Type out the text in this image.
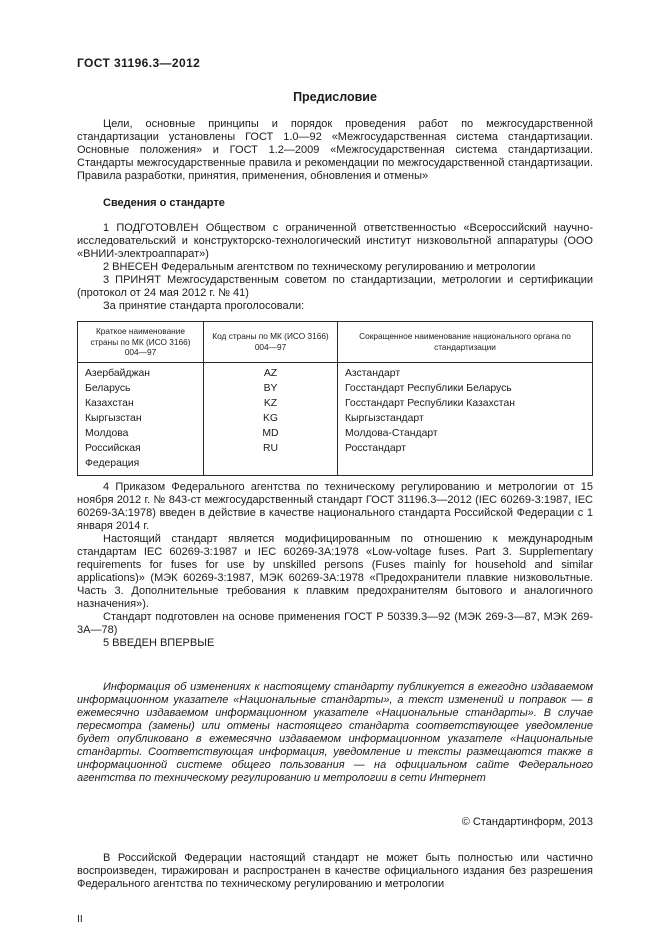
ГОСТ 31196.3—2012

Предисловие

Цели, основные принципы и порядок проведения работ по межгосударственной стандартизации установлены ГОСТ 1.0—92 «Межгосударственная система стандартизации. Основные положения» и ГОСТ 1.2—2009 «Межгосударственная система стандартизации. Стандарты межгосударственные правила и рекомендации по межгосударственной стандартизации. Правила разработки, принятия, применения, обновления и отмены»

Сведения о стандарте

1 ПОДГОТОВЛЕН Обществом с ограниченной ответственностью «Всероссийский научно-исследовательский и конструкторско-технологический институт низковольтной аппаратуры (ООО «ВНИИ-электроаппарат»)

2 ВНЕСЕН Федеральным агентством по техническому регулированию и метрологии

3 ПРИНЯТ Межгосударственным советом по стандартизации, метрологии и сертификации (протокол от 24 мая 2012 г. № 41)

За принятие стандарта проголосовали:

Краткое наименование страны по МК (ИСО 3166) 004—97	Код страны по МК (ИСО 3166) 004—97	Сокращенное наименование национального органа по стандартизации
Азербайджан	AZ	Азстандарт
Беларусь	BY	Госстандарт Республики Беларусь
Казахстан	KZ	Госстандарт Республики Казахстан
Кыргызстан	KG	Кыргызстандарт
Молдова	MD	Молдова-Стандарт
Российская Федерация	RU	Росстандарт

4 Приказом Федерального агентства по техническому регулированию и метрологии от 15 ноября 2012 г. № 843-ст межгосударственный стандарт ГОСТ 31196.3—2012 (IEC 60269-3:1987, IEC 60269-3A:1978) введен в действие в качестве национального стандарта Российской Федерации с 1 января 2014 г.

Настоящий стандарт является модифицированным по отношению к международным стандартам IEC 60269-3:1987 и IEC 60269-3A:1978 «Low-voltage fuses. Part 3. Supplementary requirements for fuses for use by unskilled persons (Fuses mainly for household and similar applications)» (МЭК 60269-3:1987, МЭК 60269-3A:1978 «Предохранители плавкие низковольтные. Часть 3. Дополнительные требования к плавким предохранителям бытового и аналогичного назначения»).

Стандарт подготовлен на основе применения ГОСТ Р 50339.3—92 (МЭК 269-3—87, МЭК 269-3А—78)

5 ВВЕДЕН ВПЕРВЫЕ

Информация об изменениях к настоящему стандарту публикуется в ежегодно издаваемом информационном указателе «Национальные стандарты», а текст изменений и поправок — в ежемесячно издаваемом информационном указателе «Национальные стандарты». В случае пересмотра (замены) или отмены настоящего стандарта соответствующее уведомление будет опубликовано в ежемесячно издаваемом информационном указателе «Национальные стандарты. Соответствующая информация, уведомление и тексты размещаются также в информационной системе общего пользования — на официальном сайте Федерального агентства по техническому регулированию и метрологии в сети Интернет

© Стандартинформ, 2013

В Российской Федерации настоящий стандарт не может быть полностью или частично воспроизведен, тиражирован и распространен в качестве официального издания без разрешения Федерального агентства по техническому регулированию и метрологии

II
